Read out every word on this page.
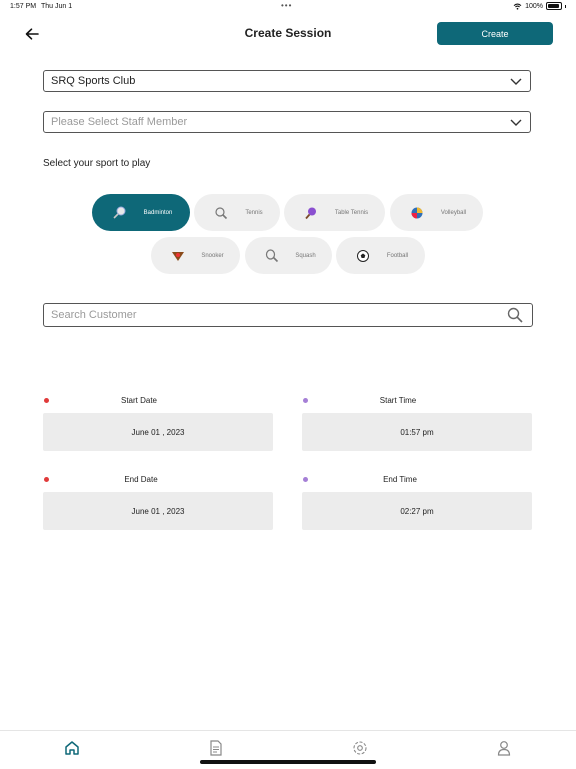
1:57 PM Thu Jun 1	•••	100%
Create Session	Create
SRQ Sports Club
Please Select Staff Member
Select your sport to play
Badminton	Tennis	Table Tennis	Volleyball
Snooker	Squash	Football
Search Customer
Start Date
June 01 , 2023
Start Time
01:57 pm
End Date
June 01 , 2023
End Time
02:27 pm
